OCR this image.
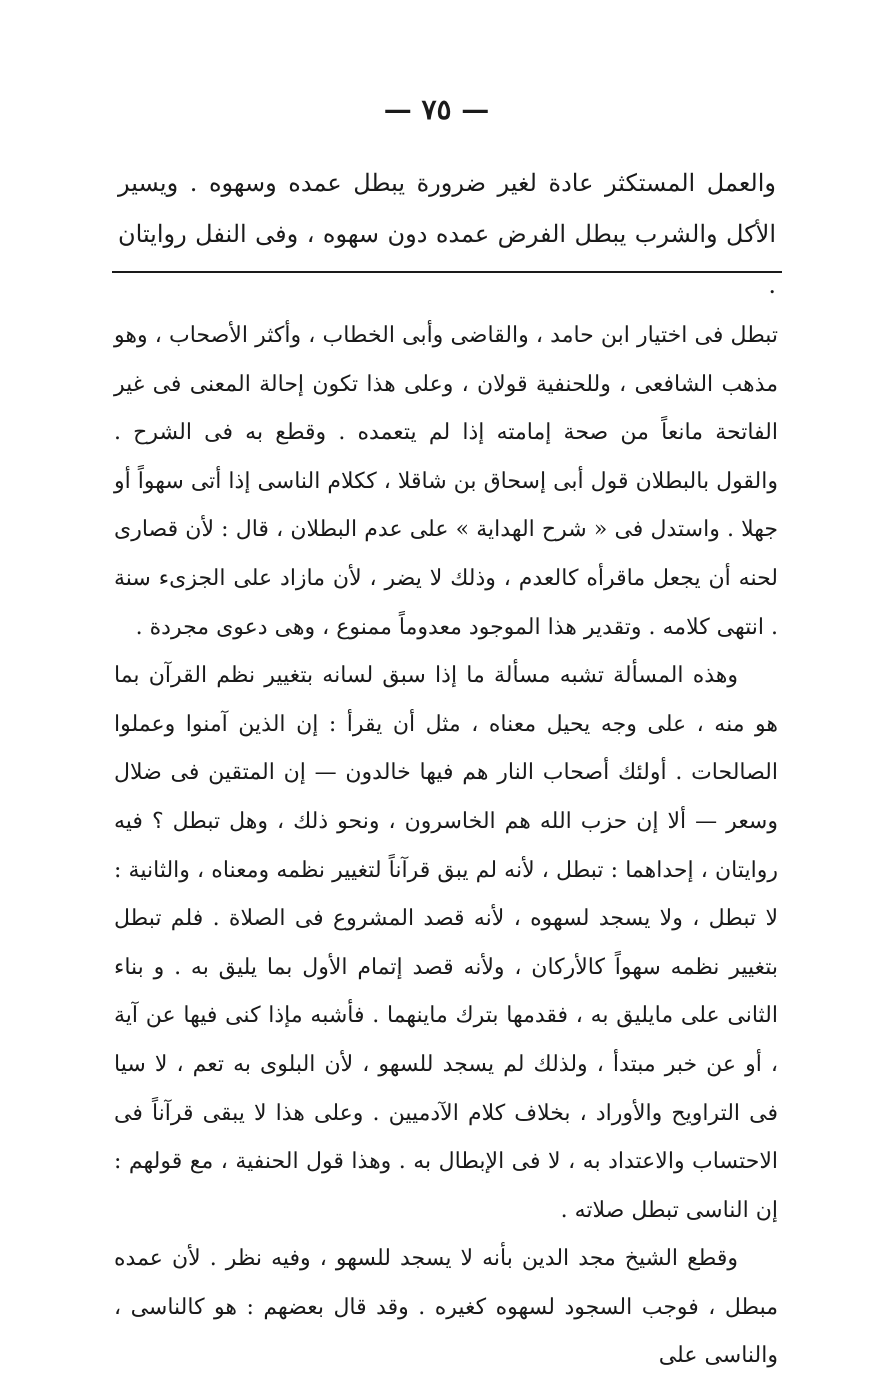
— ٧٥ —

والعمل المستكثر عادة لغير ضرورة يبطل عمده وسهوه . ويسير الأكل والشرب يبطل الفرض عمده دون سهوه ، وفى النفل روايتان .

تبطل فى اختيار ابن حامد ، والقاضى وأبى الخطاب ، وأكثر الأصحاب ، وهو مذهب الشافعى ، وللحنفية قولان ، وعلى هذا تكون إحالة المعنى فى غير الفاتحة مانعاً من صحة إمامته إذا لم يتعمده . وقطع به فى الشرح . والقول بالبطلان قول أبى إسحاق بن شاقلا ، ككلام الناسى إذا أتى سهواً أو جهلا . واستدل فى « شرح الهداية » على عدم البطلان ، قال : لأن قصارى لحنه أن يجعل ماقرأه كالعدم ، وذلك لا يضر ، لأن مازاد على الجزىء سنة . انتهى كلامه . وتقدير هذا الموجود معدوماً ممنوع ، وهى دعوى مجردة .

وهذه المسألة تشبه مسألة ما إذا سبق لسانه بتغيير نظم القرآن بما هو منه ، على وجه يحيل معناه ، مثل أن يقرأ : إن الذين آمنوا وعملوا الصالحات . أولئك أصحاب النار هم فيها خالدون — إن المتقين فى ضلال وسعر — ألا إن حزب الله هم الخاسرون ، ونحو ذلك ، وهل تبطل ؟ فيه روايتان ، إحداهما : تبطل ، لأنه لم يبق قرآناً لتغيير نظمه ومعناه ، والثانية : لا تبطل ، ولا يسجد لسهوه ، لأنه قصد المشروع فى الصلاة . فلم تبطل بتغيير نظمه سهواً كالأركان ، ولأنه قصد إتمام الأول بما يليق به . و بناء الثانى على مايليق به ، فقدمها بترك ماينهما . فأشبه مإذا كنى فيها عن آية ، أو عن خبر مبتدأ ، ولذلك لم يسجد للسهو ، لأن البلوى به تعم ، لا سيا فى التراويح والأوراد ، بخلاف كلام الآدميين . وعلى هذا لا يبقى قرآناً فى الاحتساب والاعتداد به ، لا فى الإبطال به . وهذا قول الحنفية ، مع قولهم : إن الناسى تبطل صلاته .

وقطع الشيخ مجد الدين بأنه لا يسجد للسهو ، وفيه نظر . لأن عمده مبطل ، فوجب السجود لسهوه كغيره . وقد قال بعضهم : هو كالناسى ، والناسى على
